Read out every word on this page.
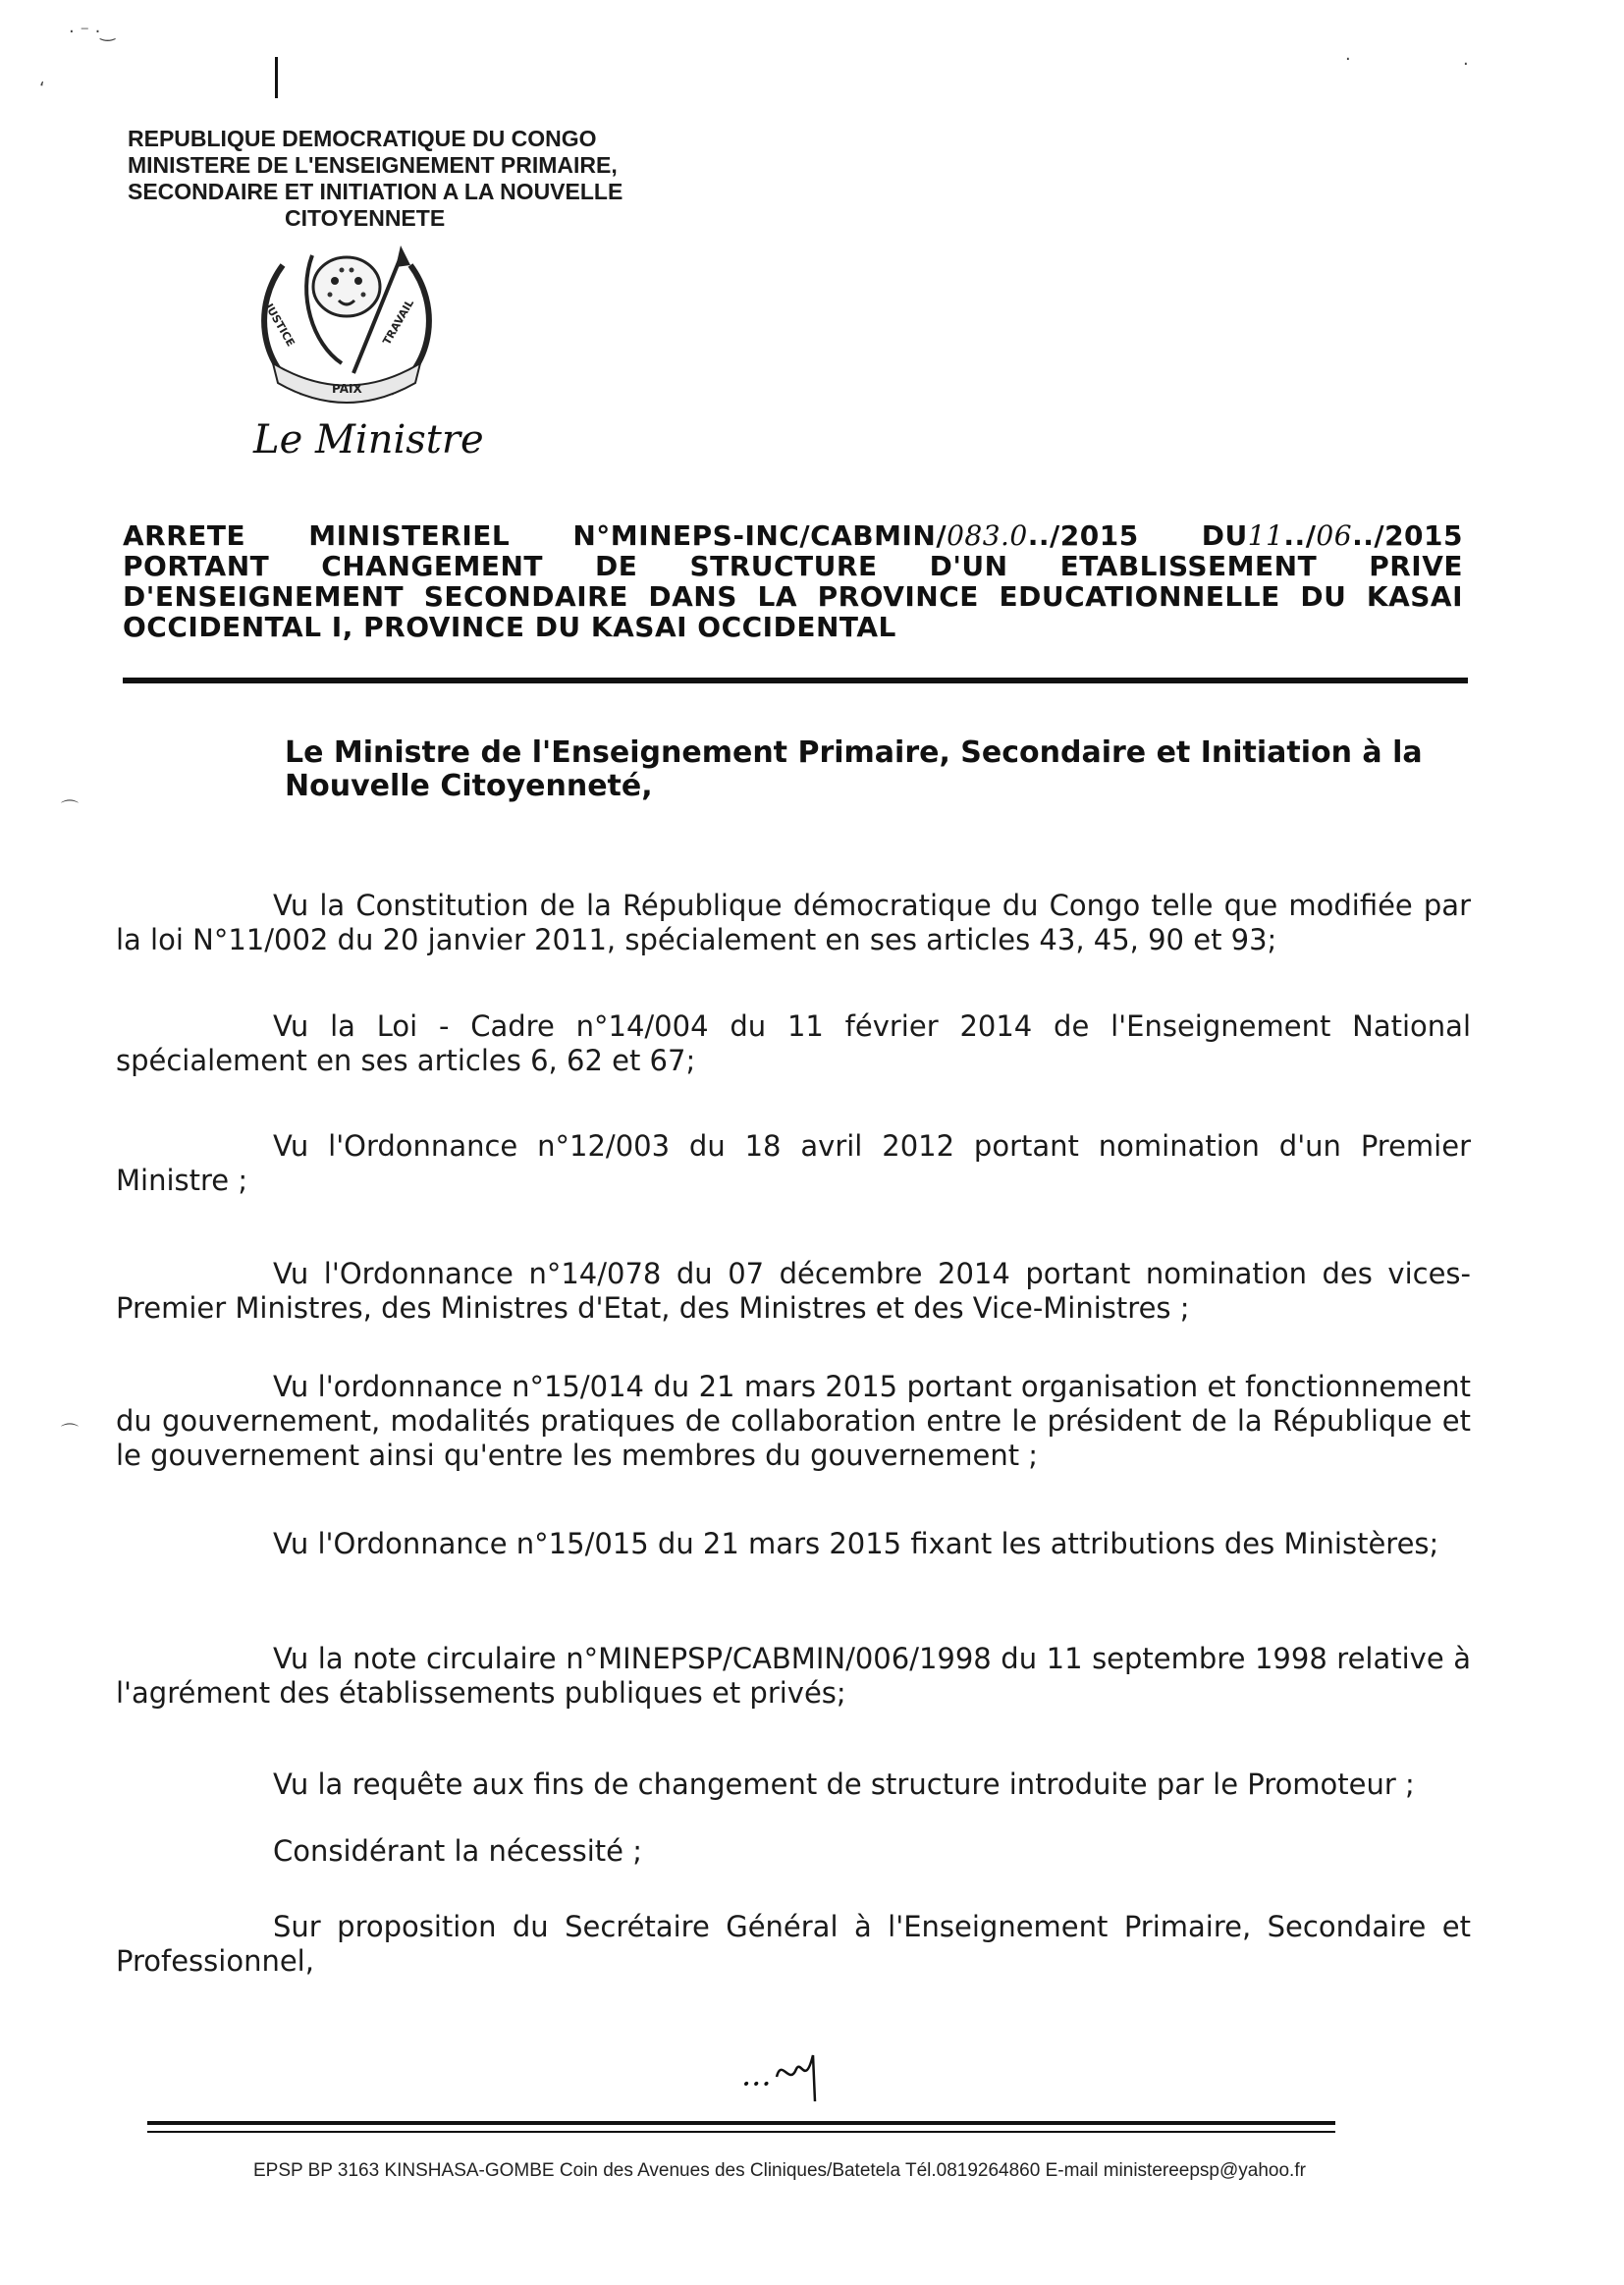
· ⁻ ·‿
‘
·	·
⌒
⌒
REPUBLIQUE DEMOCRATIQUE DU CONGO
MINISTERE DE L'ENSEIGNEMENT PRIMAIRE,
SECONDAIRE ET INITIATION A LA NOUVELLE
CITOYENNETE
JUSTICE
PAIX
TRAVAIL
Le Ministre
ARRETE MINISTERIEL N°MINEPS-INC/CABMIN/083.0../2015 DU11../06../2015
PORTANT CHANGEMENT DE STRUCTURE D'UN ETABLISSEMENT PRIVE
D'ENSEIGNEMENT SECONDAIRE DANS LA PROVINCE EDUCATIONNELLE DU KASAI
OCCIDENTAL I, PROVINCE DU KASAI OCCIDENTAL
Le Ministre de l'Enseignement Primaire, Secondaire et Initiation à la Nouvelle Citoyenneté,
Vu la Constitution de la République démocratique du Congo telle que modifiée par la loi N°11/002 du 20 janvier 2011, spécialement en ses articles 43, 45, 90 et 93;
Vu la Loi - Cadre n°14/004 du 11 février 2014 de l'Enseignement National spécialement en ses articles 6, 62 et 67;
Vu l'Ordonnance n°12/003 du 18 avril 2012 portant nomination d'un Premier Ministre ;
Vu l'Ordonnance n°14/078 du 07 décembre 2014 portant nomination des vices-Premier Ministres, des Ministres d'Etat, des Ministres et des Vice-Ministres ;
Vu l'ordonnance n°15/014 du 21 mars 2015 portant organisation et fonctionnement du gouvernement, modalités pratiques de collaboration entre le président de la République et le gouvernement ainsi qu'entre les membres du gouvernement ;
Vu l'Ordonnance n°15/015 du 21 mars 2015 fixant les attributions des Ministères;
Vu la note circulaire n°MINEPSP/CABMIN/006/1998 du 11 septembre 1998 relative à l'agrément des établissements publiques et privés;
Vu la requête aux fins de changement de structure introduite par le Promoteur ;
Considérant la nécessité ;
Sur proposition du Secrétaire Général à l'Enseignement Primaire, Secondaire et Professionnel,
...
EPSP BP 3163 KINSHASA-GOMBE Coin des Avenues des Cliniques/Batetela Tél.0819264860 E-mail ministereepsp@yahoo.fr
